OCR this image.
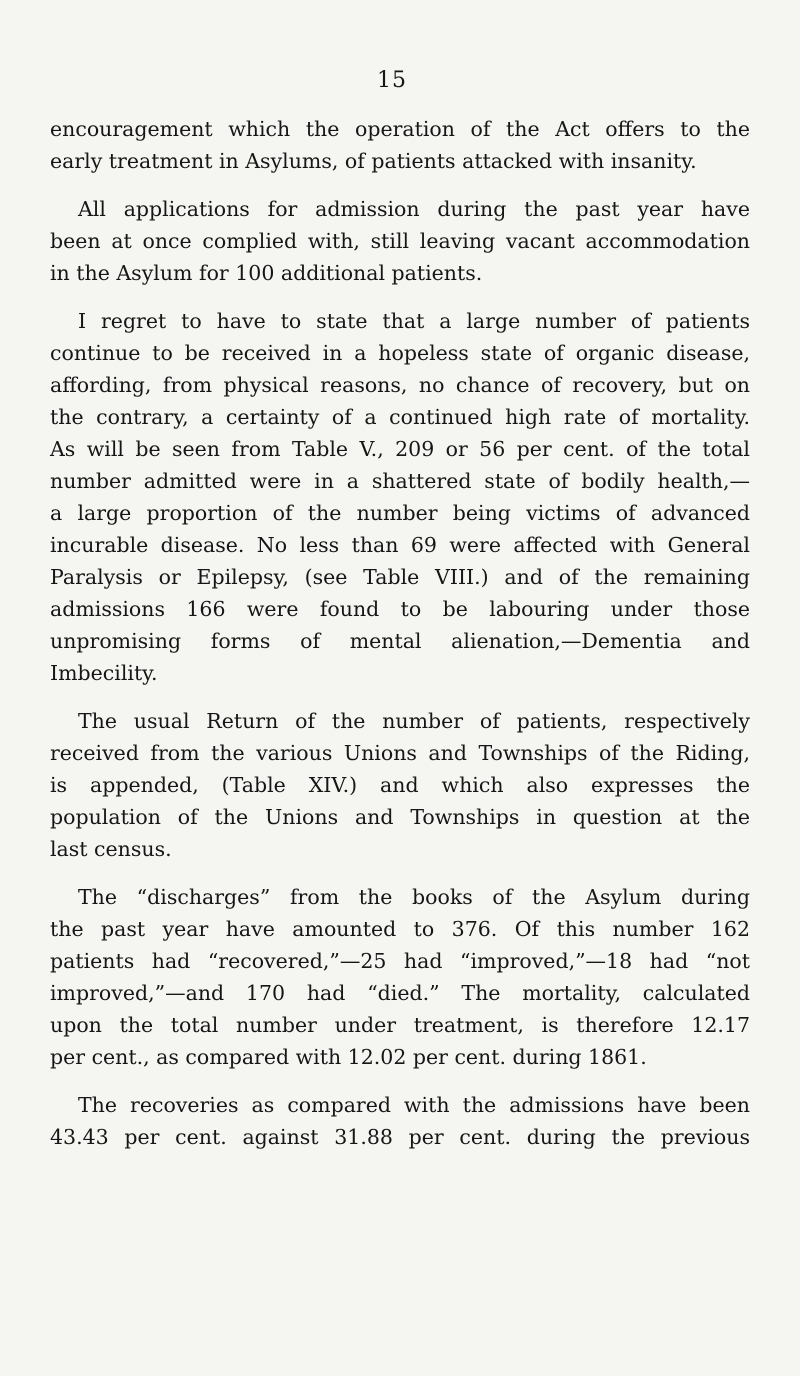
15
encouragement which the operation of the Act offers to the
early treatment in Asylums, of patients attacked with insanity.
All applications for admission during the past year have
been at once complied with, still leaving vacant accommodation
in the Asylum for 100 additional patients.
I regret to have to state that a large number of patients
continue to be received in a hopeless state of organic disease,
affording, from physical reasons, no chance of recovery, but on
the contrary, a certainty of a continued high rate of mortality.
As will be seen from Table V., 209 or 56 per cent. of the total
number admitted were in a shattered state of bodily health,—
a large proportion of the number being victims of advanced
incurable disease. No less than 69 were affected with General
Paralysis or Epilepsy, (see Table VIII.) and of the remaining
admissions 166 were found to be labouring under those
unpromising forms of mental alienation,—Dementia and
Imbecility.
The usual Return of the number of patients, respectively
received from the various Unions and Townships of the Riding,
is appended, (Table XIV.) and which also expresses the
population of the Unions and Townships in question at the
last census.
The “discharges” from the books of the Asylum during
the past year have amounted to 376. Of this number 162
patients had “recovered,”—25 had “improved,”—18 had “not
improved,”—and 170 had “died.” The mortality, calculated
upon the total number under treatment, is therefore 12.17
per cent., as compared with 12.02 per cent. during 1861.
The recoveries as compared with the admissions have been
43.43 per cent. against 31.88 per cent. during the previous
